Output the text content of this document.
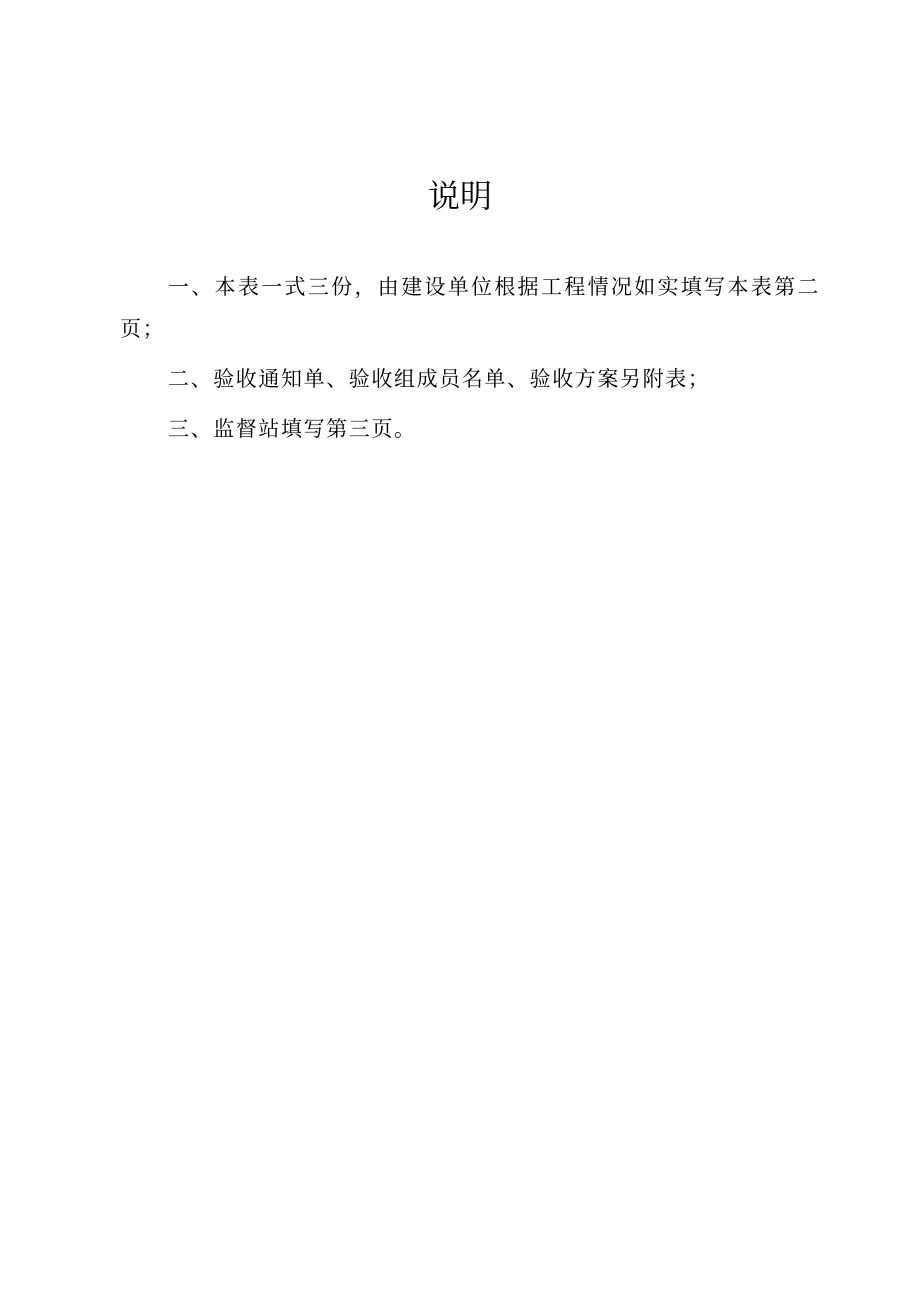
说明

一、本表一式三份，由建设单位根据工程情况如实填写本表第二页；

二、验收通知单、验收组成员名单、验收方案另附表；

三、监督站填写第三页。
